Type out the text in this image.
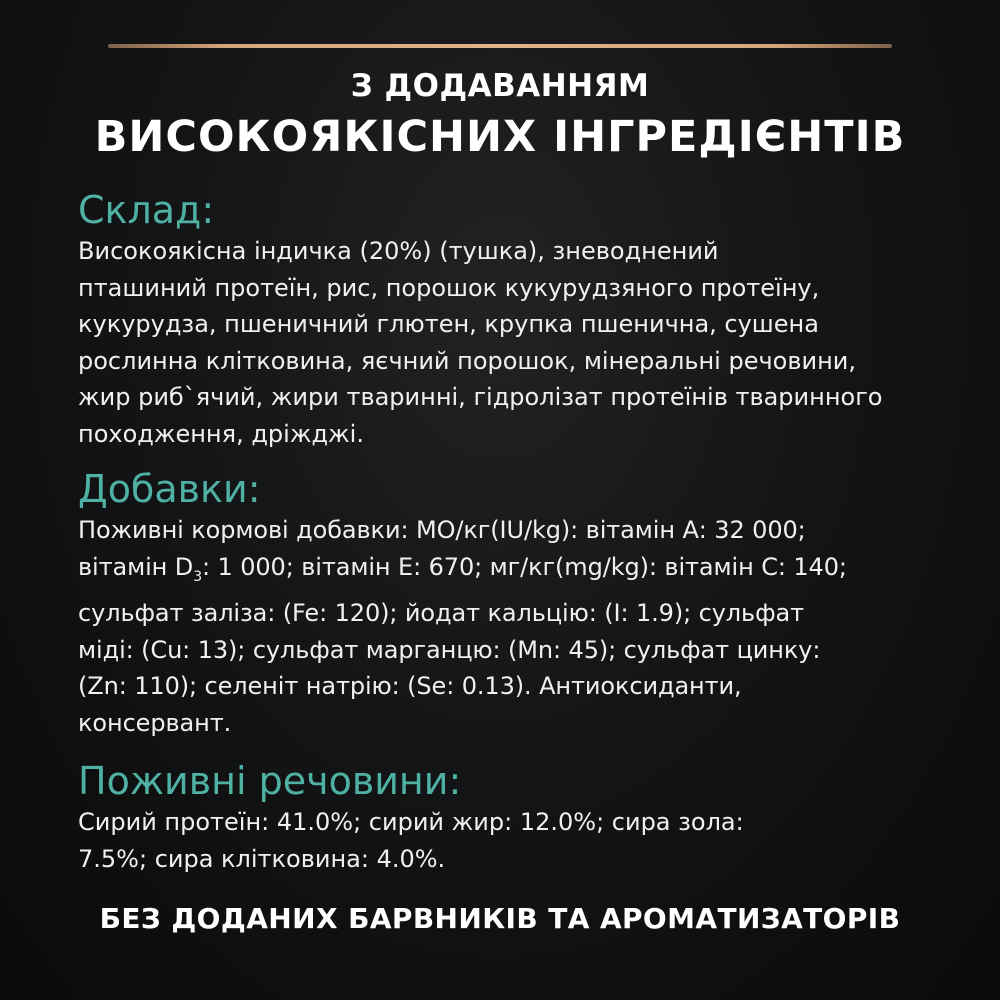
З ДОДАВАННЯМ
ВИСОКОЯКІСНИХ ІНГРЕДІЄНТІВ
Склад:
Високоякісна індичка (20%) (тушка), зневоднений
пташиний протеїн, рис, порошок кукурудзяного протеїну,
кукурудза, пшеничний глютен, крупка пшенична, сушена
рослинна клітковина, яєчний порошок, мінеральні речовини,
жир риб`ячий, жири тваринні, гідролізат протеїнів тваринного
походження, дріжджі.
Добавки:
Поживні кормові добавки: МО/кг(IU/kg): вітамін А: 32 000;
вітамін $D_3$: 1 000; вітамін Е: 670; мг/кг(mg/kg): вітамін С: 140;
сульфат заліза: (Fe: 120); йодат кальцію: (I: 1.9); сульфат
міді: (Cu: 13); сульфат марганцю: (Mn: 45); сульфат цинку:
(Zn: 110); селеніт натрію: (Se: 0.13). Антиоксиданти,
консервант.
Поживні речовини:
Сирий протеїн: 41.0%; сирий жир: 12.0%; сира зола:
7.5%; сира клітковина: 4.0%.
БЕЗ ДОДАНИХ БАРВНИКІВ ТА АРОМАТИЗАТОРІВ
